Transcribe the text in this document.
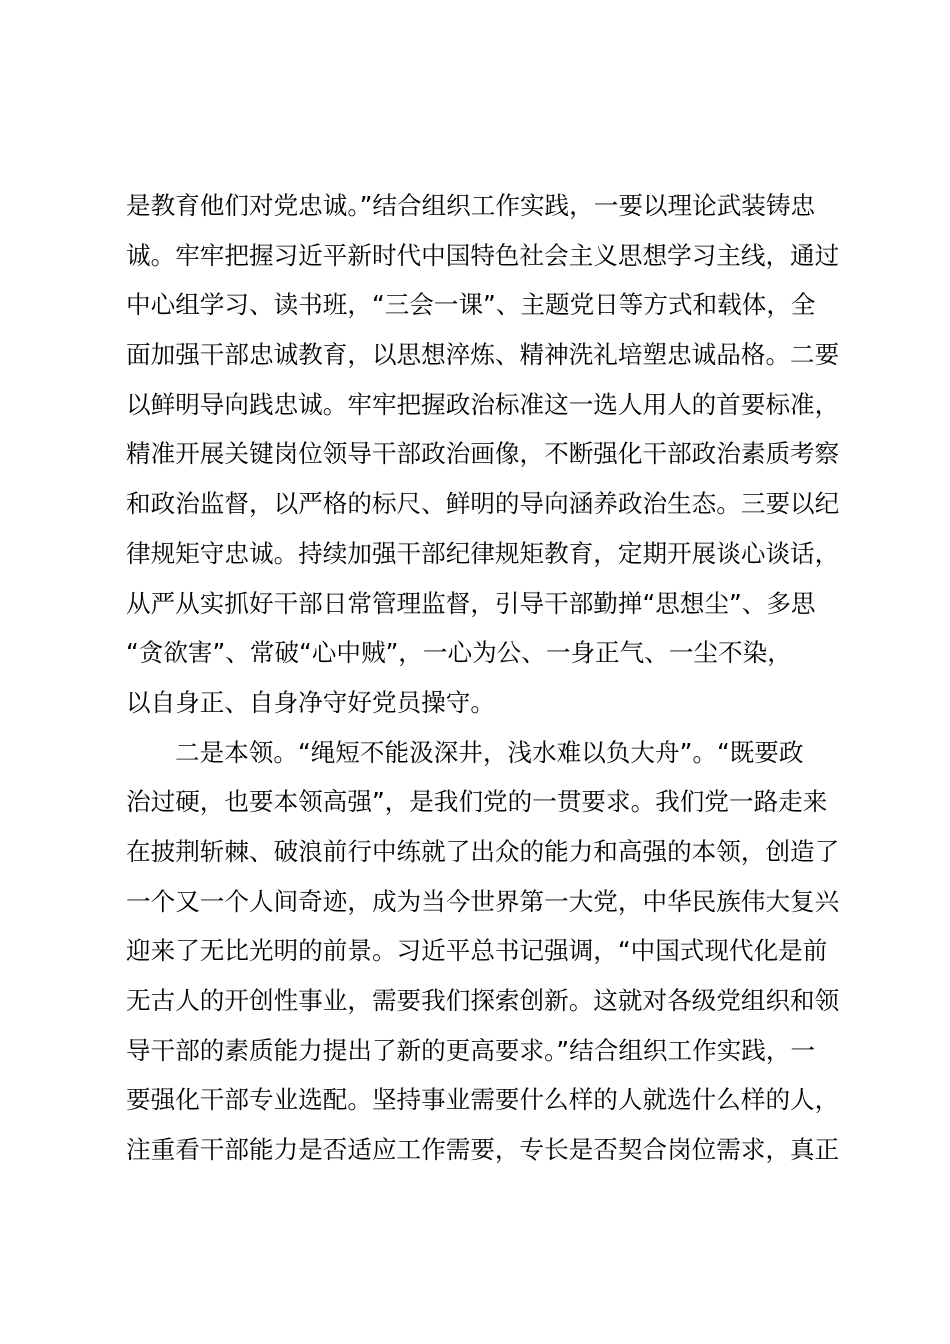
是教育他们对党忠诚。”结合组织工作实践，一要以理论武装铸忠
诚。牢牢把握习近平新时代中国特色社会主义思想学习主线，通过
中心组学习、读书班，“三会一课”、主题党日等方式和载体，全
面加强干部忠诚教育，以思想淬炼、精神洗礼培塑忠诚品格。二要
以鲜明导向践忠诚。牢牢把握政治标准这一选人用人的首要标准，
精准开展关键岗位领导干部政治画像，不断强化干部政治素质考察
和政治监督，以严格的标尺、鲜明的导向涵养政治生态。三要以纪
律规矩守忠诚。持续加强干部纪律规矩教育，定期开展谈心谈话，
从严从实抓好干部日常管理监督，引导干部勤掸“思想尘”、多思
“贪欲害”、常破“心中贼”，一心为公、一身正气、一尘不染，
以自身正、自身净守好党员操守。
二是本领。“绳短不能汲深井，浅水难以负大舟”。“既要政
治过硬，也要本领高强”，是我们党的一贯要求。我们党一路走来
在披荆斩棘、破浪前行中练就了出众的能力和高强的本领，创造了
一个又一个人间奇迹，成为当今世界第一大党，中华民族伟大复兴
迎来了无比光明的前景。习近平总书记强调，“中国式现代化是前
无古人的开创性事业，需要我们探索创新。这就对各级党组织和领
导干部的素质能力提出了新的更高要求。”结合组织工作实践，一
要强化干部专业选配。坚持事业需要什么样的人就选什么样的人，
注重看干部能力是否适应工作需要，专长是否契合岗位需求，真正
